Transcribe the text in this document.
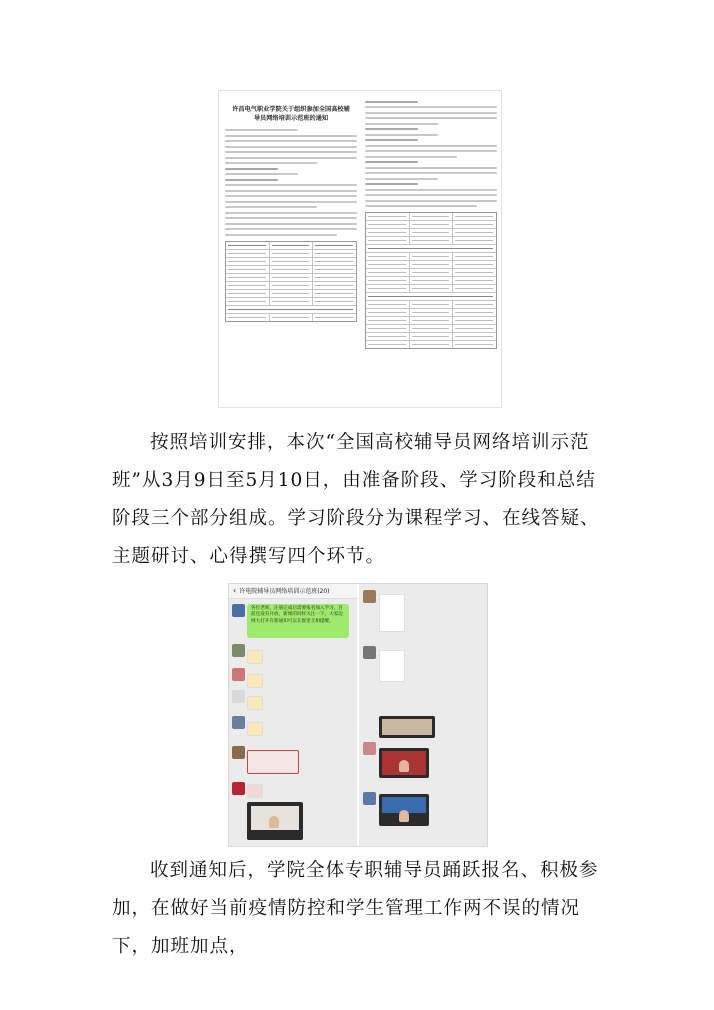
许昌电气职业学院关于组织参加全国高校辅
导员网络培训示范班的通知

按照培训安排，本次“全国高校辅导员网络培训示范班”从3月9日至5月10日，由准备阶段、学习阶段和总结阶段三个部分组成。学习阶段分为课程学习、在线答疑、主题研讨、心得撰写四个环节。

‹ 许电院辅导员网络培训示范班(20)
各位老师，注册完成后需要报名加入学习，目前还没有开放，新闻的同样关注一下，大家边网大打开有新通知可以在群里互相提醒。

收到通知后，学院全体专职辅导员踊跃报名、积极参加，在做好当前疫情防控和学生管理工作两不误的情况下，加班加点，
